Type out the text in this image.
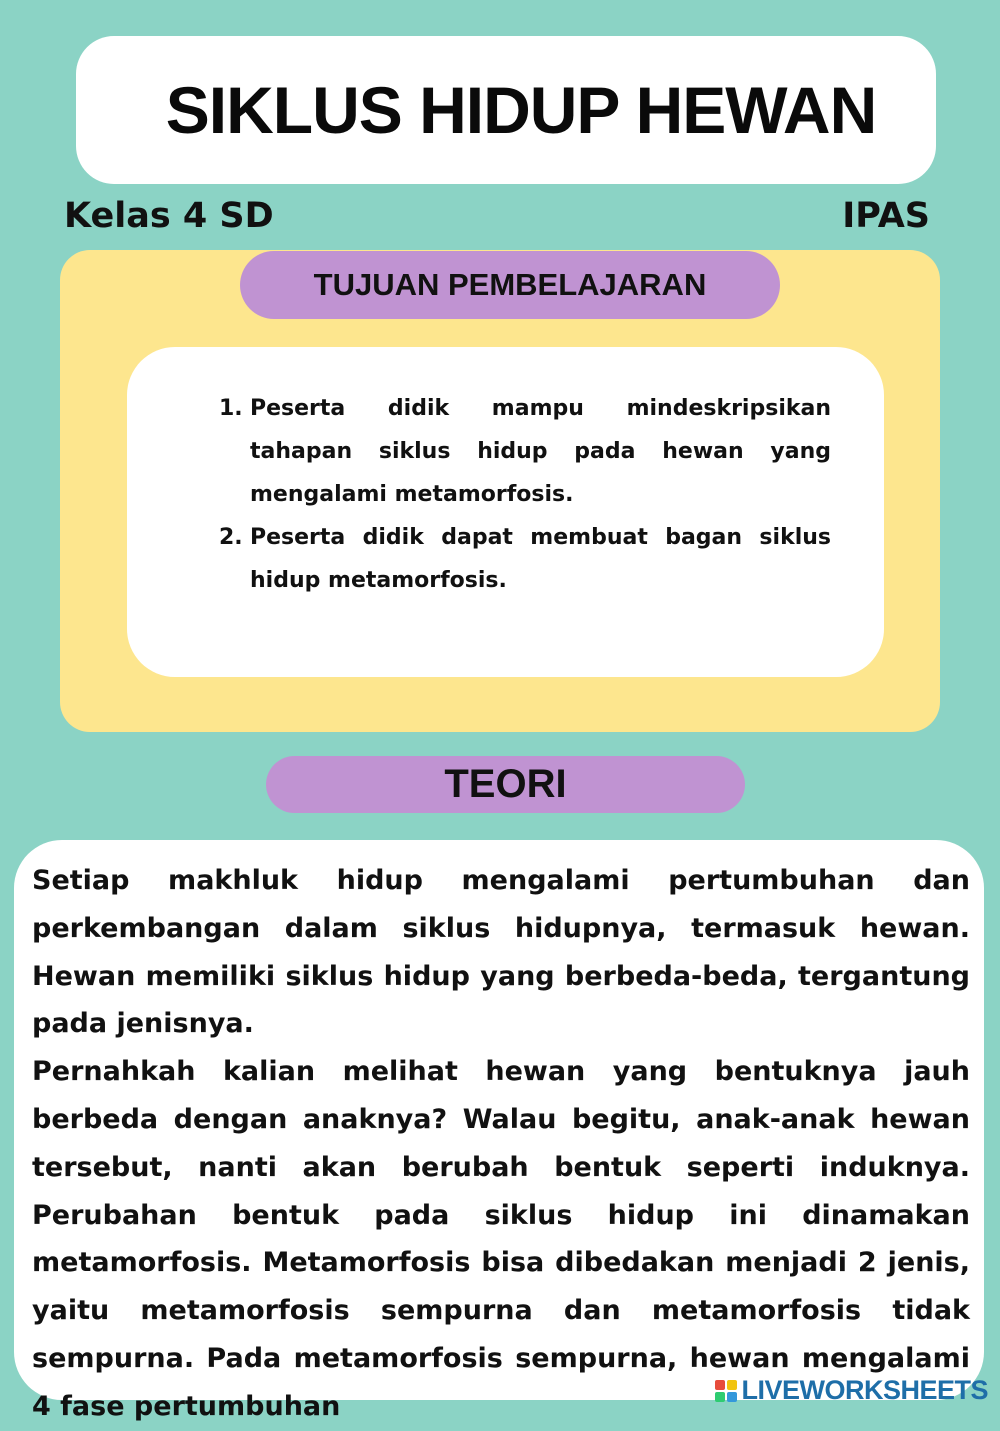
SIKLUS HIDUP HEWAN
Kelas 4 SD	IPAS
TUJUAN PEMBELAJARAN
1. Peserta didik mampu mindeskripsikan tahapan siklus hidup pada hewan yang mengalami metamorfosis.
2. Peserta didik dapat membuat bagan siklus hidup metamorfosis.
TEORI

Setiap makhluk hidup mengalami pertumbuhan dan perkembangan dalam siklus hidupnya, termasuk hewan. Hewan memiliki siklus hidup yang berbeda-beda, tergantung pada jenisnya.

Pernahkah kalian melihat hewan yang bentuknya jauh berbeda dengan anaknya? Walau begitu, anak-anak hewan tersebut, nanti akan berubah bentuk seperti induknya. Perubahan bentuk pada siklus hidup ini dinamakan metamorfosis. Metamorfosis bisa dibedakan menjadi 2 jenis, yaitu metamorfosis sempurna dan metamorfosis tidak sempurna. Pada metamorfosis sempurna, hewan mengalami 4 fase pertumbuhan

LIVEWORKSHEETS
